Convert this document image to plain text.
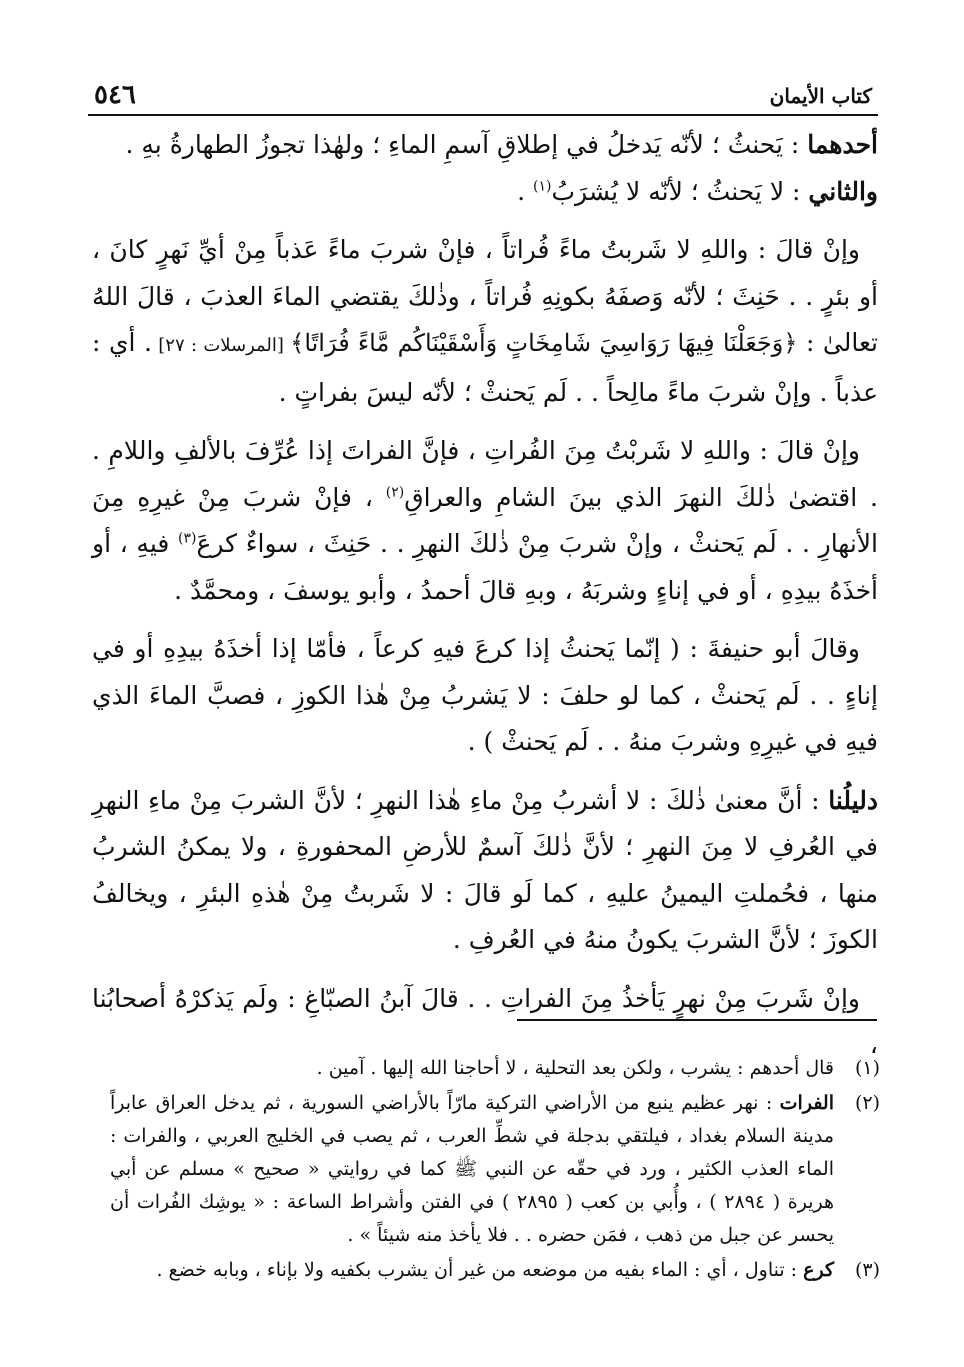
٥٤٦	كتاب الأيمان

أحدهما : يَحنثُ ؛ لأنّه يَدخلُ في إطلاقِ آسمِ الماءِ ؛ ولهٰذا تجوزُ الطهارةُ بهِ .

والثاني : لا يَحنثُ ؛ لأنّه لا يُشرَبُ$^{(١)}$ .

وإنْ قالَ : واللهِ لا شَربتُ ماءً فُراتاً ، فإنْ شربَ ماءً عَذباً مِنْ أيِّ نَهرٍ كانَ ، أو بئرٍ . . حَنِثَ ؛ لأنّه وَصفَهُ بكونِهِ فُراتاً ، وذٰلكَ يقتضي الماءَ العذبَ ، قالَ اللهُ تعالىٰ : ﴿وَجَعَلْنَا فِيهَا رَوَاسِيَ شَامِخَاتٍ وَأَسْقَيْنَاكُم مَّاءً فُرَاتًا﴾ [المرسلات : ٢٧] . أي : عذباً . وإنْ شربَ ماءً مالِحاً . . لَم يَحنثْ ؛ لأنّه ليسَ بفراتٍ .

وإنْ قالَ : واللهِ لا شَربْتُ مِنَ الفُراتِ ، فإنَّ الفراتَ إذا عُرِّفَ بالألفِ واللامِ . . اقتضىٰ ذٰلكَ النهرَ الذي بينَ الشامِ والعراقِ$^{(٢)}$ ، فإنْ شربَ مِنْ غيرِهِ مِنَ الأنهارِ . . لَم يَحنثْ ، وإنْ شربَ مِنْ ذٰلكَ النهرِ . . حَنِثَ ، سواءٌ كرعَ$^{(٣)}$ فيهِ ، أو أخذَهُ بيدِهِ ، أو في إناءٍ وشربَهُ ، وبهِ قالَ أحمدُ ، وأبو يوسفَ ، ومحمَّدٌ .

وقالَ أبو حنيفةَ : ( إنّما يَحنثُ إذا كرعَ فيهِ كرعاً ، فأمّا إذا أخذَهُ بيدِهِ أو في إناءٍ . . لَم يَحنثْ ، كما لو حلفَ : لا يَشربُ مِنْ هٰذا الكوزِ ، فصبَّ الماءَ الذي فيهِ في غيرِهِ وشربَ منهُ . . لَم يَحنثْ ) .

دليلُنا : أنَّ معنىٰ ذٰلكَ : لا أشربُ مِنْ ماءِ هٰذا النهرِ ؛ لأنَّ الشربَ مِنْ ماءِ النهرِ في العُرفِ لا مِنَ النهرِ ؛ لأنَّ ذٰلكَ آسمٌ للأرضِ المحفورةِ ، ولا يمكنُ الشربُ منها ، فحُملتِ اليمينُ عليهِ ، كما لَو قالَ : لا شَربتُ مِنْ هٰذهِ البئرِ ، ويخالفُ الكوزَ ؛ لأنَّ الشربَ يكونُ منهُ في العُرفِ .

وإنْ شَربَ مِنْ نهرٍ يَأخذُ مِنَ الفراتِ . . قالَ آبنُ الصبّاغِ : ولَم يَذكرْهُ أصحابُنا ،

(١)
قال أحدهم : يشرب ، ولكن بعد التحلية ، لا أحاجنا الله إليها . آمين .
(٢)
الفرات : نهر عظيم ينبع من الأراضي التركية مارّاً بالأراضي السورية ، ثم يدخل العراق عابراً مدينة السلام بغداد ، فيلتقي بدجلة في شطِّ العرب ، ثم يصب في الخليج العربي ، والفرات : الماء العذب الكثير ، ورد في حقّه عن النبي ﷺ كما في روايتي « صحيح » مسلم عن أبي هريرة ( ٢٨٩٤ ) ، وأُبي بن كعب ( ٢٨٩٥ ) في الفتن وأشراط الساعة : « يوشِك الفُرات أن يحسر عن جبل من ذهب ، فمَن حضره . . فلا يأخذ منه شيئاً » .
(٣)
كرع : تناول ، أي : الماء بفيه من موضعه من غير أن يشرب بكفيه ولا بإناء ، وبابه خضع .
